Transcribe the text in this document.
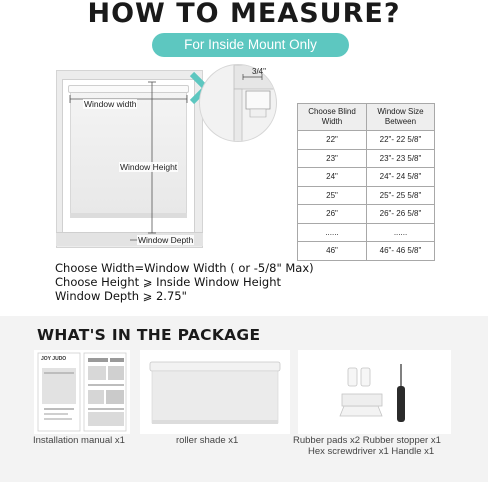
HOW TO MEASURE?
For Inside Mount Only
Window width
Window Height
Window Depth
3/4"
Choose Blind Width	Window Size Between
22"	22"- 22 5/8"
23"	23"- 23 5/8"
24"	24"- 24 5/8"
25"	25"- 25 5/8"
26"	26"- 26 5/8"
......	......
46"	46"- 46 5/8"
Choose Width=Window Width ( or -5/8" Max)
Choose Height ⩾ Inside Window Height
Window Depth ⩾ 2.75"
WHAT'S IN THE PACKAGE
JOY JUDO
Installation manual x1	roller shade x1	Rubber pads x2 Rubber stopper x1
Hex screwdriver x1 Handle x1
